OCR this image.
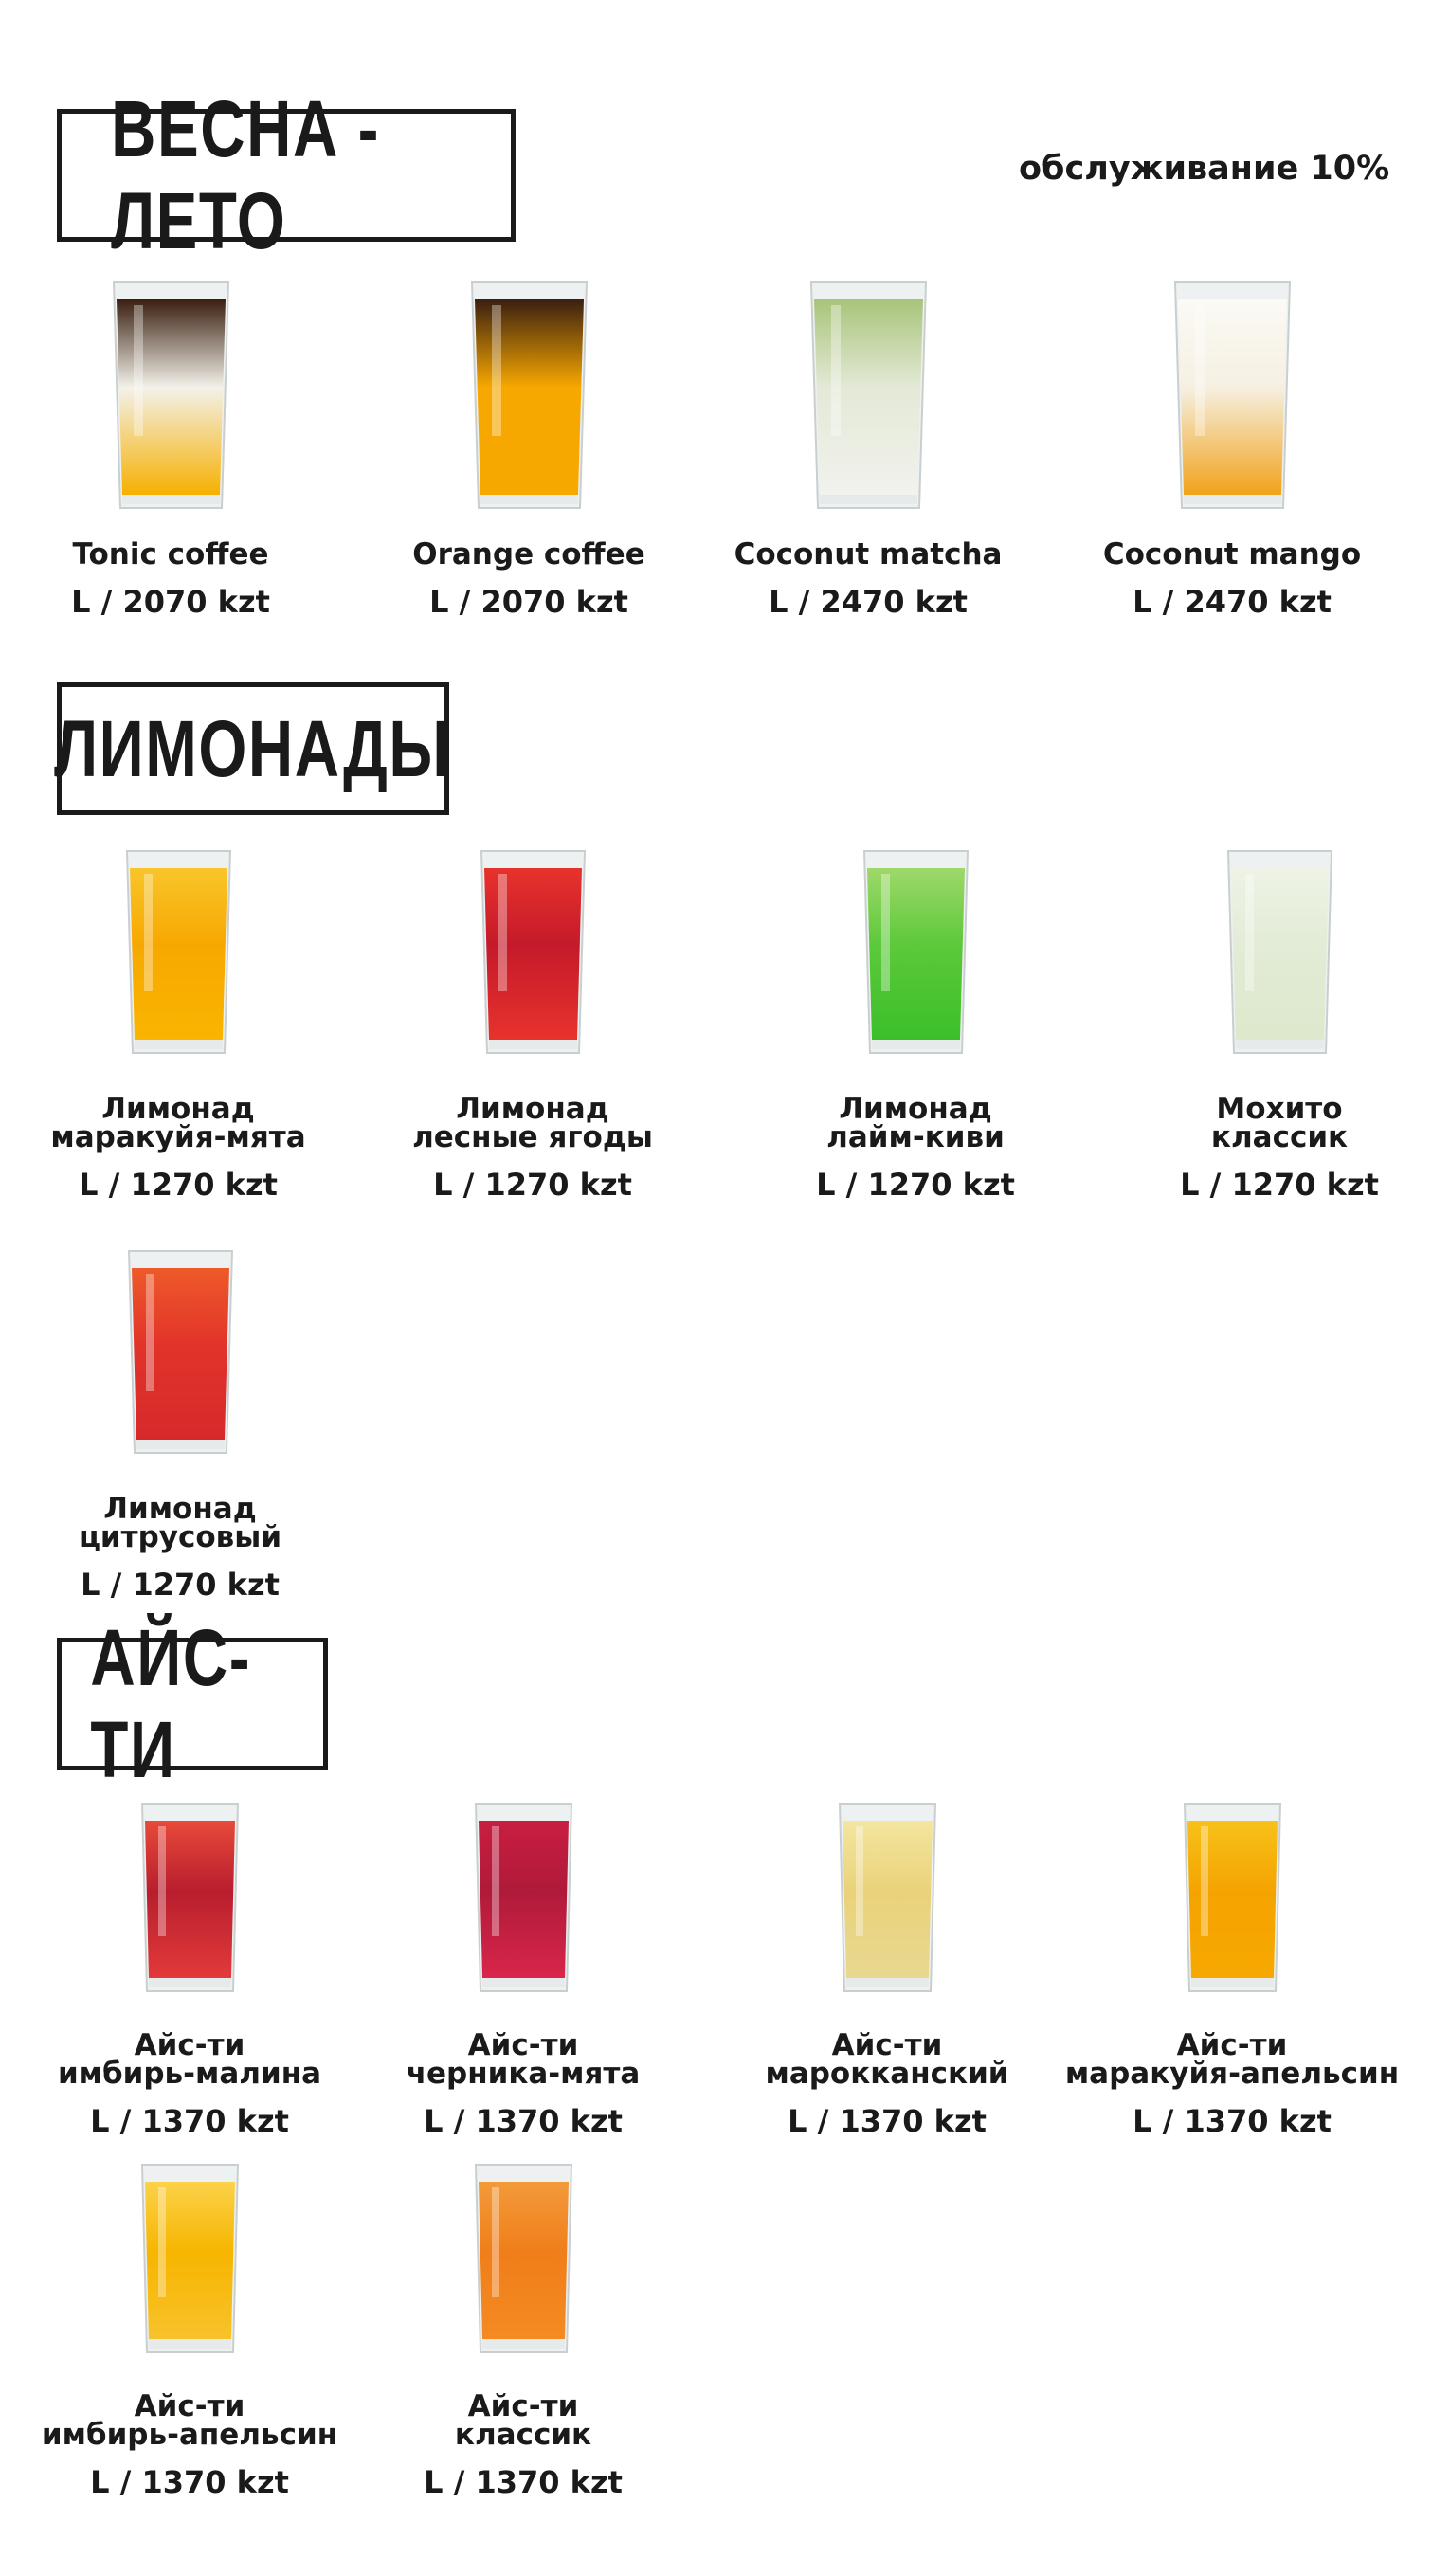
ВЕСНА - ЛЕТО
обслуживание 10%
Tonic coffee
L / 2070 kzt
Orange coffee
L / 2070 kzt
Coconut matcha
L / 2470 kzt
Coconut mango
L / 2470 kzt
ЛИМОНАДЫ
Лимонад
маракуйя-мята
L / 1270 kzt
Лимонад
лесные ягоды
L / 1270 kzt
Лимонад
лайм-киви
L / 1270 kzt
Мохито
классик
L / 1270 kzt
Лимонад
цитрусовый
L / 1270 kzt
АЙС-ТИ
Айс-ти
имбирь-малина
L / 1370 kzt
Айс-ти
черника-мята
L / 1370 kzt
Айс-ти
марокканский
L / 1370 kzt
Айс-ти
маракуйя-апельсин
L / 1370 kzt
Айс-ти
имбирь-апельсин
L / 1370 kzt
Айс-ти
классик
L / 1370 kzt
